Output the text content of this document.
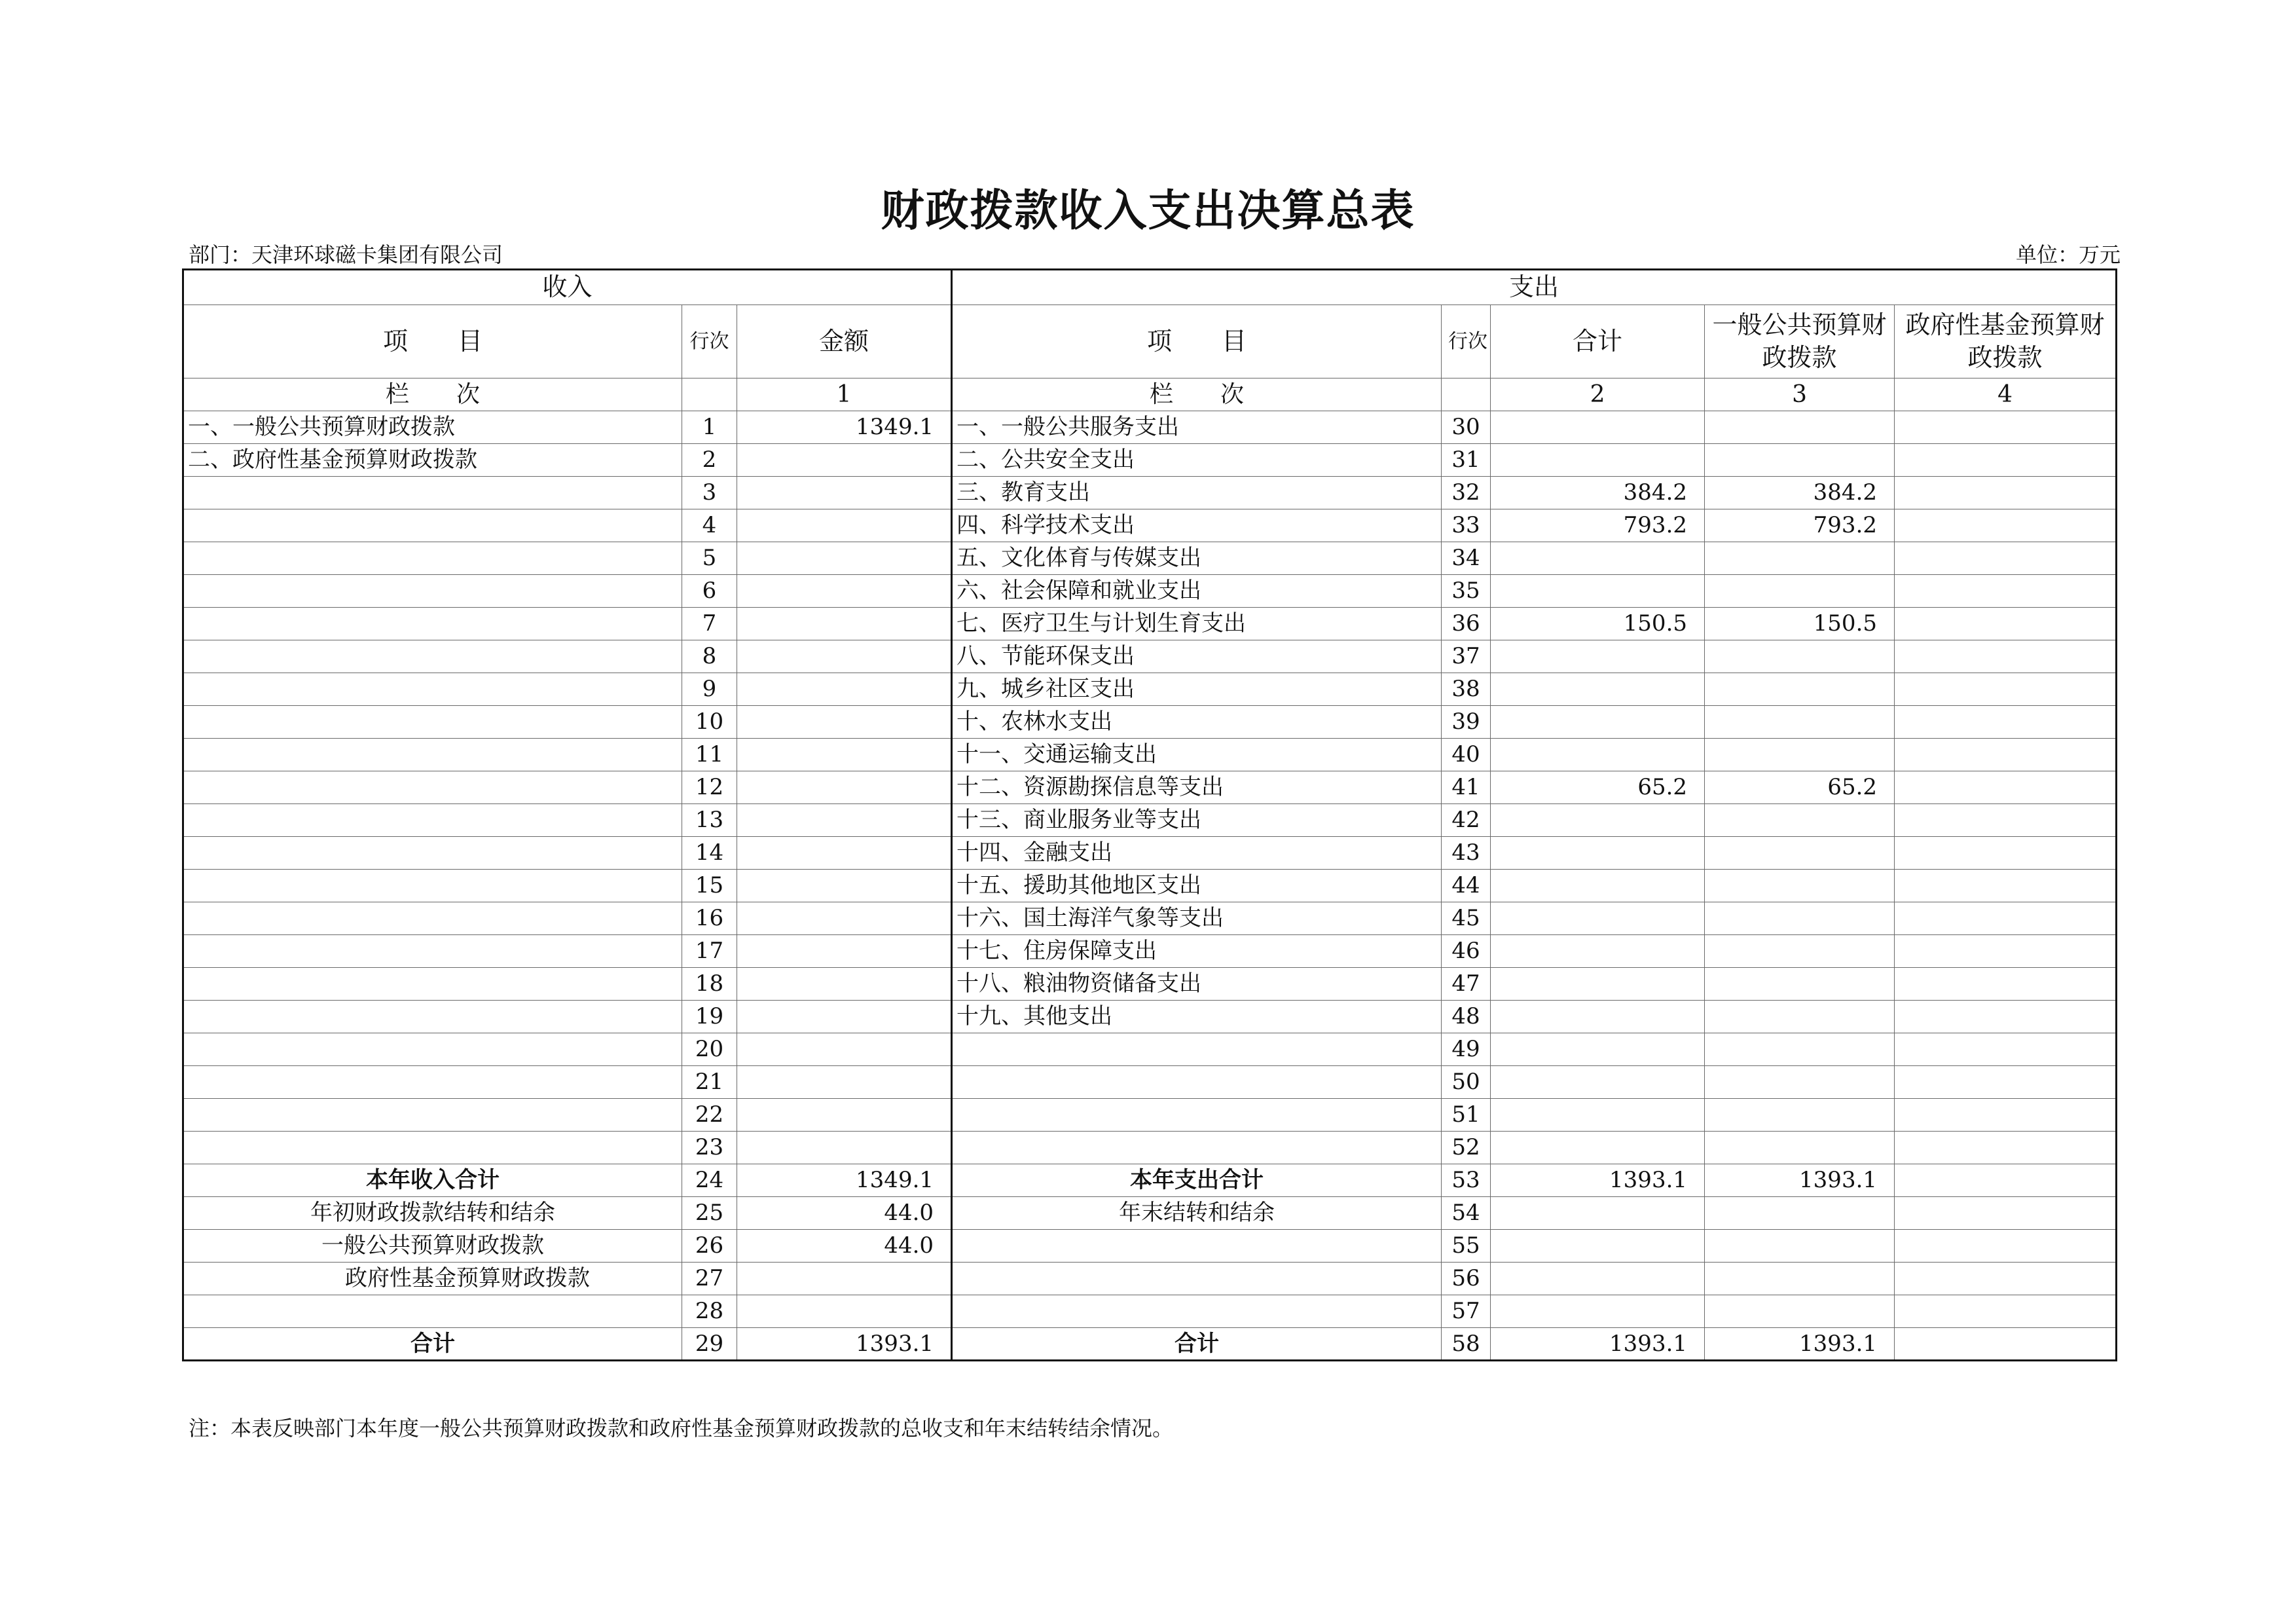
财政拨款收入支出决算总表
部门：天津环球磁卡集团有限公司	单位：万元
收入			支出				
项　　目	行次	金额	项　　目	行次	合计	一般公共预算财政拨款	政府性基金预算财政拨款
栏　　次		1	栏　　次		2	3	4
一、一般公共预算财政拨款	1	1349.1	一、一般公共服务支出	30			
二、政府性基金预算财政拨款	2		二、公共安全支出	31			
	3		三、教育支出	32	384.2	384.2	
	4		四、科学技术支出	33	793.2	793.2	
	5		五、文化体育与传媒支出	34			
	6		六、社会保障和就业支出	35			
	7		七、医疗卫生与计划生育支出	36	150.5	150.5	
	8		八、节能环保支出	37			
	9		九、城乡社区支出	38			
	10		十、农林水支出	39			
	11		十一、交通运输支出	40			
	12		十二、资源勘探信息等支出	41	65.2	65.2	
	13		十三、商业服务业等支出	42			
	14		十四、金融支出	43			
	15		十五、援助其他地区支出	44			
	16		十六、国土海洋气象等支出	45			
	17		十七、住房保障支出	46			
	18		十八、粮油物资储备支出	47			
	19		十九、其他支出	48			
	20			49			
	21			50			
	22			51			
	23			52			
本年收入合计	24	1349.1	本年支出合计	53	1393.1	1393.1	
年初财政拨款结转和结余	25	44.0	年末结转和结余	54			
一般公共预算财政拨款	26	44.0		55			
政府性基金预算财政拨款	27			56			
	28			57			
合计	29	1393.1	合计	58	1393.1	1393.1	
注：本表反映部门本年度一般公共预算财政拨款和政府性基金预算财政拨款的总收支和年末结转结余情况。
